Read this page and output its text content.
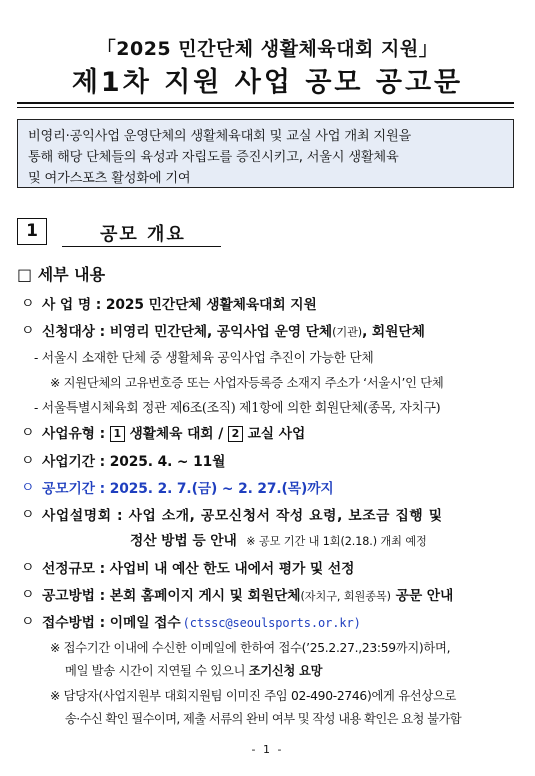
「2025 민간단체 생활체육대회 지원」
제1차 지원 사업 공모 공고문
비영리·공익사업 운영단체의 생활체육대회 및 교실 사업 개최 지원을
통해 해당 단체들의 육성과 자립도를 증진시키고, 서울시 생활체육
및 여가스포츠 활성화에 기여
1	공모 개요
□ 세부 내용
ㅇ 사 업 명 : 2025 민간단체 생활체육대회 지원
ㅇ 신청대상 : 비영리 민간단체, 공익사업 운영 단체(기관), 회원단체
- 서울시 소재한 단체 중 생활체육 공익사업 추진이 가능한 단체
※ 지원단체의 고유번호증 또는 사업자등록증 소재지 주소가 ‘서울시’인 단체
- 서울특별시체육회 정관 제6조(조직) 제1항에 의한 회원단체(종목, 자치구)
ㅇ 사업유형 : 1 생활체육 대회 / 2 교실 사업
ㅇ 사업기간 : 2025. 4. ~ 11월
ㅇ 공모기간 : 2025. 2. 7.(금) ~ 2. 27.(목)까지
ㅇ 사업설명회 : 사업 소개, 공모신청서 작성 요령, 보조금 집행 및
정산 방법 등 안내 ※ 공모 기간 내 1회(2.18.) 개최 예정
ㅇ 선정규모 : 사업비 내 예산 한도 내에서 평가 및 선정
ㅇ 공고방법 : 본회 홈페이지 게시 및 회원단체(자치구, 회원종목) 공문 안내
ㅇ 접수방법 : 이메일 접수 (ctssc@seoulsports.or.kr)
※ 접수기간 이내에 수신한 이메일에 한하여 접수(’25.2.27.,23:59까지)하며,
메일 발송 시간이 지연될 수 있으니 조기신청 요망
※ 담당자(사업지원부 대회지원팀 이미진 주임 02-490-2746)에게 유선상으로
송·수신 확인 필수이며, 제출 서류의 완비 여부 및 작성 내용 확인은 요청 불가함
- 1 -
